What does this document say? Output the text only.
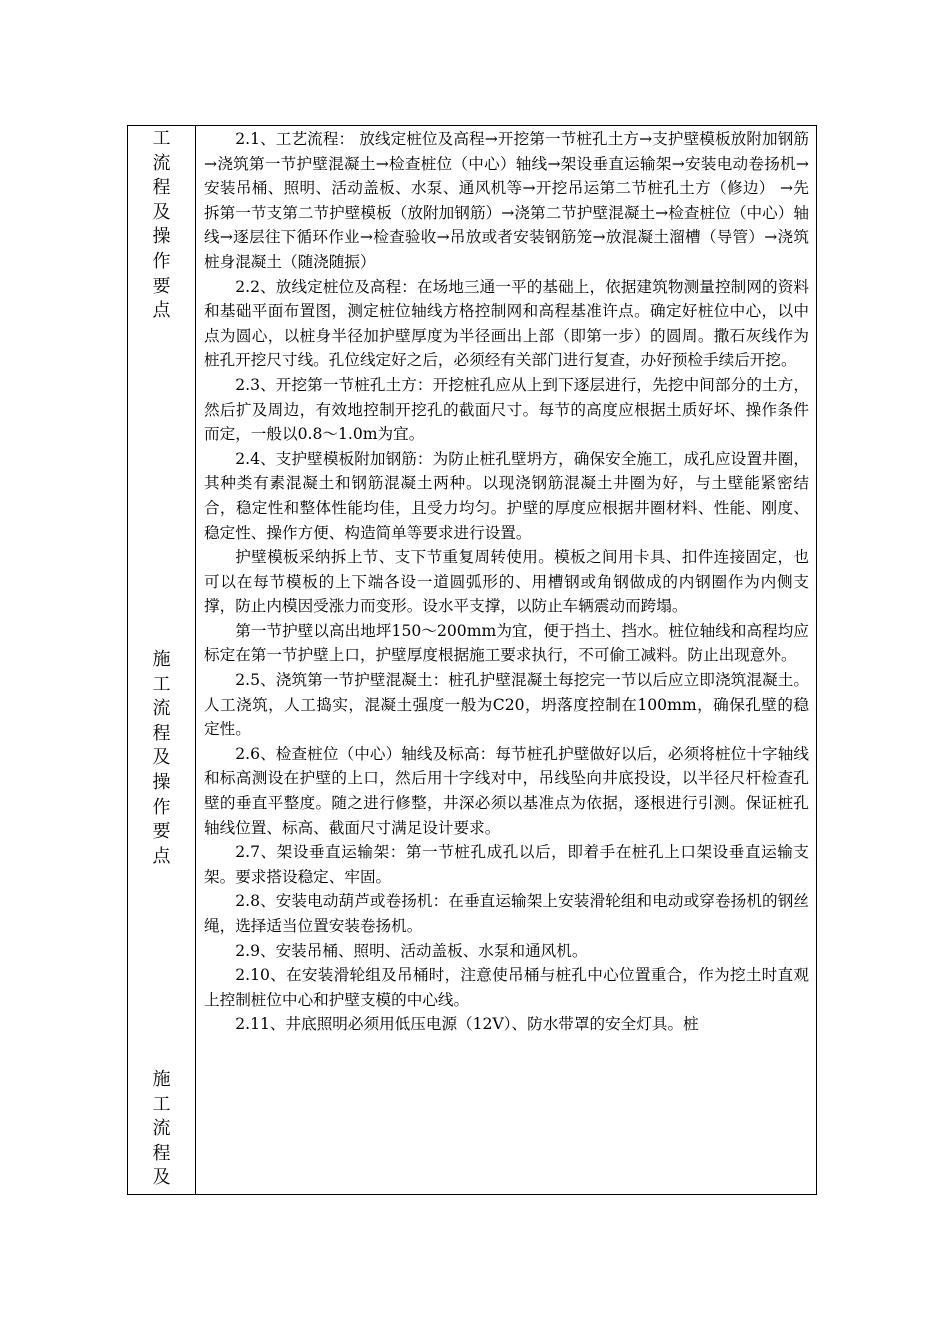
工
流
程
及
操
作
要
点
施
工
流
程
及
操
作
要
点
施
工
流
程
及

2.1、工艺流程： 放线定桩位及高程→开挖第一节桩孔土方→支护壁模板放附加钢筋→浇筑第一节护壁混凝土→检查桩位（中心）轴线→架设垂直运输架→安装电动卷扬机→安装吊桶、照明、活动盖板、水泵、通风机等→开挖吊运第二节桩孔土方（修边） →先拆第一节支第二节护壁模板（放附加钢筋）→浇第二节护壁混凝土→检查桩位（中心）轴线→逐层往下循环作业→检查验收→吊放或者安装钢筋笼→放混凝土溜槽（导管）→浇筑桩身混凝土（随浇随振）

2.2、放线定桩位及高程：在场地三通一平的基础上，依据建筑物测量控制网的资料和基础平面布置图，测定桩位轴线方格控制网和高程基准许点。确定好桩位中心，以中点为圆心，以桩身半径加护壁厚度为半径画出上部（即第一步）的圆周。撒石灰线作为桩孔开挖尺寸线。孔位线定好之后，必须经有关部门进行复查，办好预检手续后开挖。

2.3、开挖第一节桩孔土方：开挖桩孔应从上到下逐层进行，先挖中间部分的土方，然后扩及周边，有效地控制开挖孔的截面尺寸。每节的高度应根据土质好坏、操作条件而定，一般以0.8～1.0m为宜。

2.4、支护壁模板附加钢筋：为防止桩孔壁坍方，确保安全施工，成孔应设置井圈，其种类有素混凝土和钢筋混凝土两种。以现浇钢筋混凝土井圈为好，与土壁能紧密结合，稳定性和整体性能均佳，且受力均匀。护壁的厚度应根据井圈材料、性能、刚度、稳定性、操作方便、构造简单等要求进行设置。

护壁模板采纳拆上节、支下节重复周转使用。模板之间用卡具、扣件连接固定，也可以在每节模板的上下端各设一道圆弧形的、用槽钢或角钢做成的内钢圈作为内侧支撑，防止内模因受涨力而变形。设水平支撑，以防止车辆震动而跨塌。

第一节护壁以高出地坪150～200mm为宜，便于挡土、挡水。桩位轴线和高程均应标定在第一节护壁上口，护壁厚度根据施工要求执行，不可偷工减料。防止出现意外。

2.5、浇筑第一节护壁混凝土：桩孔护壁混凝土每挖完一节以后应立即浇筑混凝土。人工浇筑，人工捣实，混凝土强度一般为C20，坍落度控制在100mm，确保孔壁的稳定性。

2.6、检查桩位（中心）轴线及标高：每节桩孔护壁做好以后，必须将桩位十字轴线和标高测设在护壁的上口，然后用十字线对中，吊线坠向井底投设，以半径尺杆检查孔壁的垂直平整度。随之进行修整，井深必须以基准点为依据，逐根进行引测。保证桩孔轴线位置、标高、截面尺寸满足设计要求。

2.7、架设垂直运输架：第一节桩孔成孔以后，即着手在桩孔上口架设垂直运输支架。要求搭设稳定、牢固。

2.8、安装电动葫芦或卷扬机：在垂直运输架上安装滑轮组和电动或穿卷扬机的钢丝绳，选择适当位置安装卷扬机。

2.9、安装吊桶、照明、活动盖板、水泵和通风机。

2.10、在安装滑轮组及吊桶时，注意使吊桶与桩孔中心位置重合，作为挖土时直观上控制桩位中心和护壁支模的中心线。

2.11、井底照明必须用低压电源（12V）、防水带罩的安全灯具。桩
